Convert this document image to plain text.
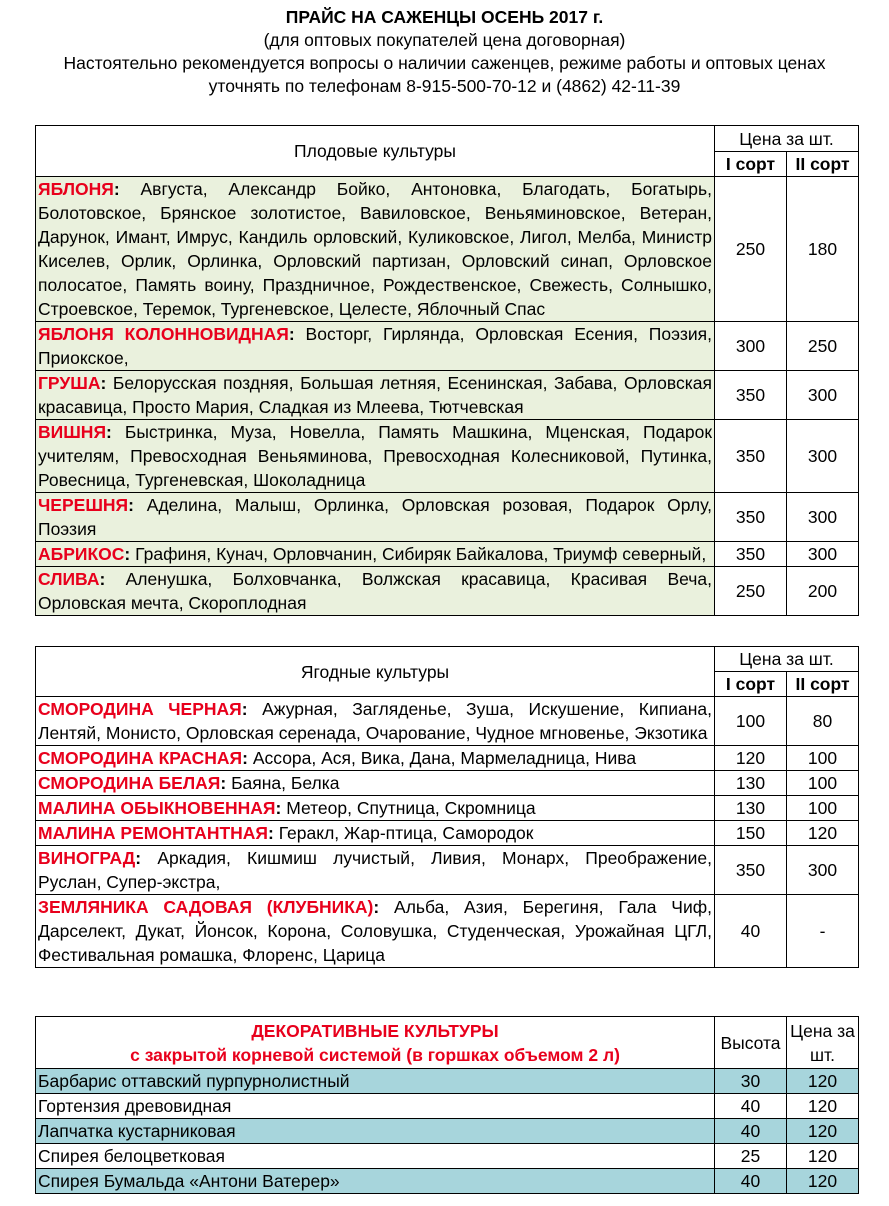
ПРАЙС НА САЖЕНЦЫ ОСЕНЬ 2017 г.
(для оптовых покупателей цена договорная)
Настоятельно рекомендуется вопросы о наличии саженцев, режиме работы и оптовых ценах
уточнять по телефонам 8-915-500-70-12 и (4862) 42-11-39
Плодовые культуры	Цена за шт.	
	I сорт	II сорт
ЯБЛОНЯ: Августа, Александр Бойко, Антоновка, Благодать, Богатырь, Болотовское, Брянское золотистое, Вавиловское, Веньяминовское, Ветеран, Дарунок, Имант, Имрус, Кандиль орловский, Куликовское, Лигол, Мелба, Министр Киселев, Орлик, Орлинка, Орловский партизан, Орловский синап, Орловское полосатое, Память воину, Праздничное, Рождественское, Свежесть, Солнышко, Строевское, Теремок, Тургеневское, Целесте, Яблочный Спас	250	180
ЯБЛОНЯ КОЛОННОВИДНАЯ: Восторг, Гирлянда, Орловская Есения, Поэзия, Приокское,	300	250
ГРУША: Белорусская поздняя, Большая летняя, Есенинская, Забава, Орловская красавица, Просто Мария, Сладкая из Млеева, Тютчевская	350	300
ВИШНЯ: Быстринка, Муза, Новелла, Память Машкина, Мценская, Подарок учителям, Превосходная Веньяминова, Превосходная Колесниковой, Путинка, Ровесница, Тургеневская, Шоколадница	350	300
ЧЕРЕШНЯ: Аделина, Малыш, Орлинка, Орловская розовая, Подарок Орлу, Поэзия	350	300
АБРИКОС: Графиня, Кунач, Орловчанин, Сибиряк Байкалова, Триумф северный,	350	300
СЛИВА: Аленушка, Болховчанка, Волжская красавица, Красивая Веча, Орловская мечта, Скороплодная	250	200
Ягодные культуры	Цена за шт.	
	I сорт	II сорт
СМОРОДИНА ЧЕРНАЯ: Ажурная, Загляденье, Зуша, Искушение, Кипиана, Лентяй, Монисто, Орловская серенада, Очарование, Чудное мгновенье, Экзотика	100	80
СМОРОДИНА КРАСНАЯ: Ассора, Ася, Вика, Дана, Мармеладница, Нива	120	100
СМОРОДИНА БЕЛАЯ: Баяна, Белка	130	100
МАЛИНА ОБЫКНОВЕННАЯ: Метеор, Спутница, Скромница	130	100
МАЛИНА РЕМОНТАНТНАЯ: Геракл, Жар-птица, Самородок	150	120
ВИНОГРАД: Аркадия, Кишмиш лучистый, Ливия, Монарх, Преображение, Руслан, Супер-экстра,	350	300
ЗЕМЛЯНИКА САДОВАЯ (КЛУБНИКА): Альба, Азия, Берегиня, Гала Чиф, Дарселект, Дукат, Йонсок, Корона, Соловушка, Студенческая, Урожайная ЦГЛ, Фестивальная ромашка, Флоренс, Царица	40	-
ДЕКОРАТИВНЫЕ КУЛЬТУРЫ
с закрытой корневой системой (в горшках объемом 2 л)	Высота	Цена за шт.
Барбарис оттавский пурпурнолистный	30	120
Гортензия древовидная	40	120
Лапчатка кустарниковая	40	120
Спирея белоцветковая	25	120
Спирея Бумальда «Антони Ватерер»	40	120
